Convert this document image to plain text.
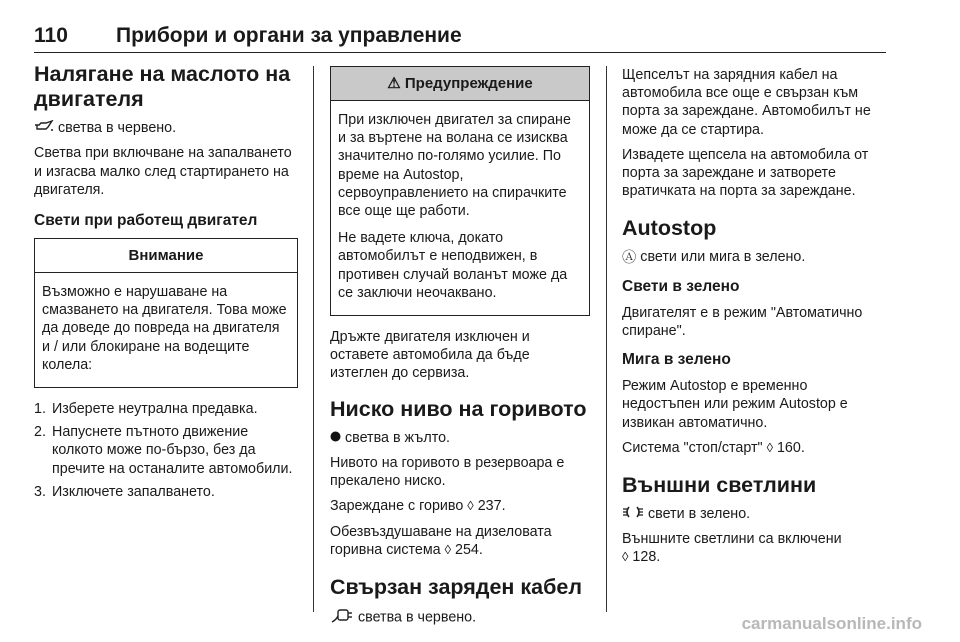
110 Прибори и органи за управление
Налягане на маслото на двигателя
светва в червено.
Светва при включване на запалването и изгасва малко след стартирането на двигателя.
Свети при работещ двигател
Внимание
Възможно е нарушаване на смазването на двигателя. Това може да доведе до повреда на двигателя и / или блокиране на водещите колела:
1. Изберете неутрална предавка.
2. Напуснете пътното движение колкото може по-бързо, без да пречите на останалите автомобили.
3. Изключете запалването.
⚠ Предупреждение
При изключен двигател за спиране и за въртене на волана се изисква значително по-голямо усилие. По време на Autostop, сервоуправлението на спирачките все още ще работи.
Не вадете ключа, докато автомобилът е неподвижен, в противен случай воланът може да се заключи неочаквано.
Дръжте двигателя изключен и оставете автомобила да бъде изтеглен до сервиза.
Ниско ниво на горивото
светва в жълто.
Нивото на горивото в резервоара е прекалено ниско.
Зареждане с гориво ◊ 237.
Обезвъздушаване на дизеловата горивна система ◊ 254.
Свързан заряден кабел
светва в червено.
Щепселът на зарядния кабел на автомобила все още е свързан към порта за зареждане. Автомобилът не може да се стартира.
Извадете щепсела на автомобила от порта за зареждане и затворете вратичката на порта за зареждане.
Autostop
Ⓐ свети или мига в зелено.
Свети в зелено
Двигателят е в режим "Автоматично спиране".
Мига в зелено
Режим Autostop е временно недостъпен или режим Autostop е извикан автоматично.
Система "стоп/старт" ◊ 160.
Външни светлини
свети в зелено.
Външните светлини са включени
◊ 128.
carmanualsonline.info
